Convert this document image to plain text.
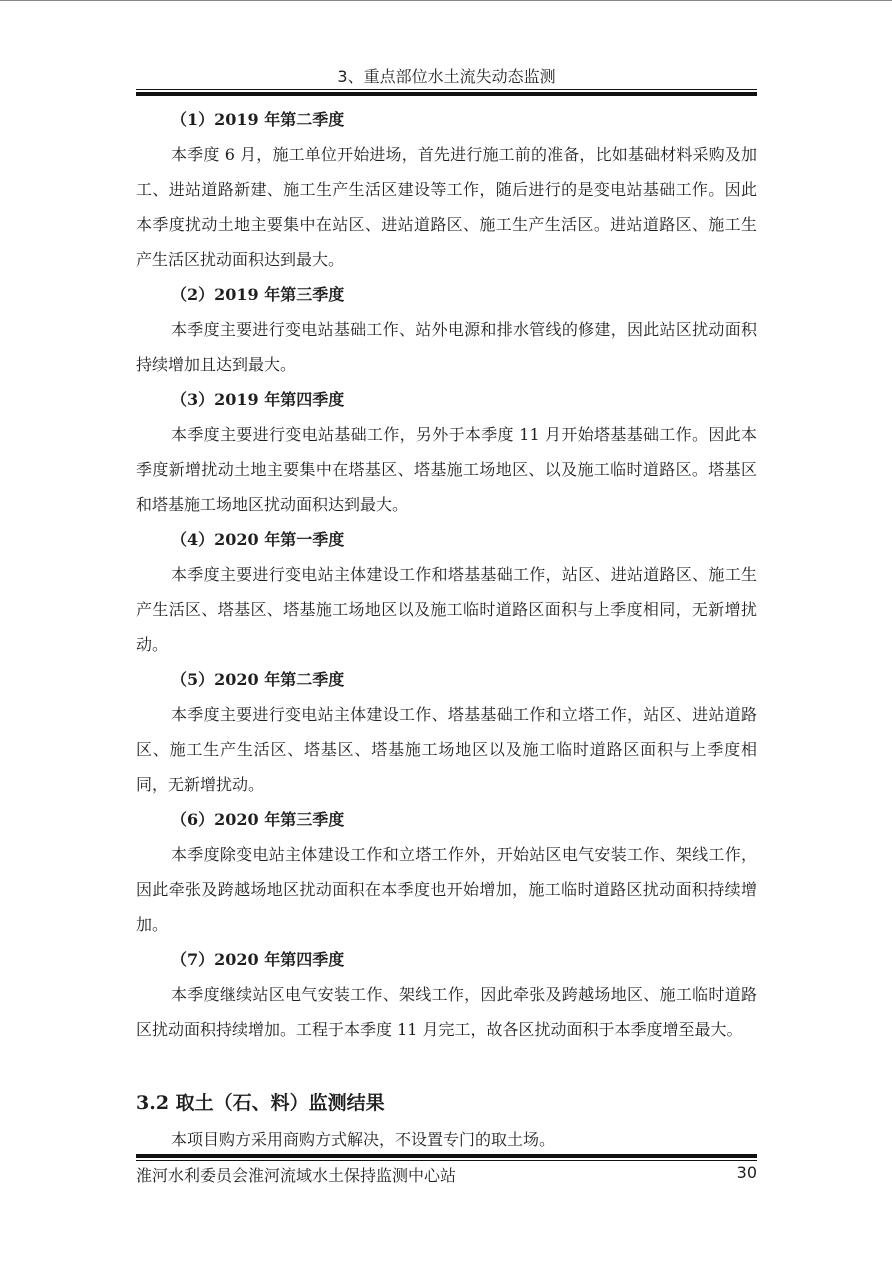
3、重点部位水土流失动态监测
（1）2019 年第二季度

本季度 6 月，施工单位开始进场，首先进行施工前的准备，比如基础材料采购及加工、进站道路新建、施工生产生活区建设等工作，随后进行的是变电站基础工作。因此本季度扰动土地主要集中在站区、进站道路区、施工生产生活区。进站道路区、施工生产生活区扰动面积达到最大。

（2）2019 年第三季度

本季度主要进行变电站基础工作、站外电源和排水管线的修建，因此站区扰动面积持续增加且达到最大。

（3）2019 年第四季度

本季度主要进行变电站基础工作，另外于本季度 11 月开始塔基基础工作。因此本季度新增扰动土地主要集中在塔基区、塔基施工场地区、以及施工临时道路区。塔基区和塔基施工场地区扰动面积达到最大。

（4）2020 年第一季度

本季度主要进行变电站主体建设工作和塔基基础工作，站区、进站道路区、施工生产生活区、塔基区、塔基施工场地区以及施工临时道路区面积与上季度相同，无新增扰动。

（5）2020 年第二季度

本季度主要进行变电站主体建设工作、塔基基础工作和立塔工作，站区、进站道路区、施工生产生活区、塔基区、塔基施工场地区以及施工临时道路区面积与上季度相同，无新增扰动。

（6）2020 年第三季度

本季度除变电站主体建设工作和立塔工作外，开始站区电气安装工作、架线工作，因此牵张及跨越场地区扰动面积在本季度也开始增加，施工临时道路区扰动面积持续增加。

（7）2020 年第四季度

本季度继续站区电气安装工作、架线工作，因此牵张及跨越场地区、施工临时道路区扰动面积持续增加。工程于本季度 11 月完工，故各区扰动面积于本季度增至最大。

3.2 取土（石、料）监测结果
本项目购方采用商购方式解决，不设置专门的取土场。
淮河水利委员会淮河流域水土保持监测中心站	30
